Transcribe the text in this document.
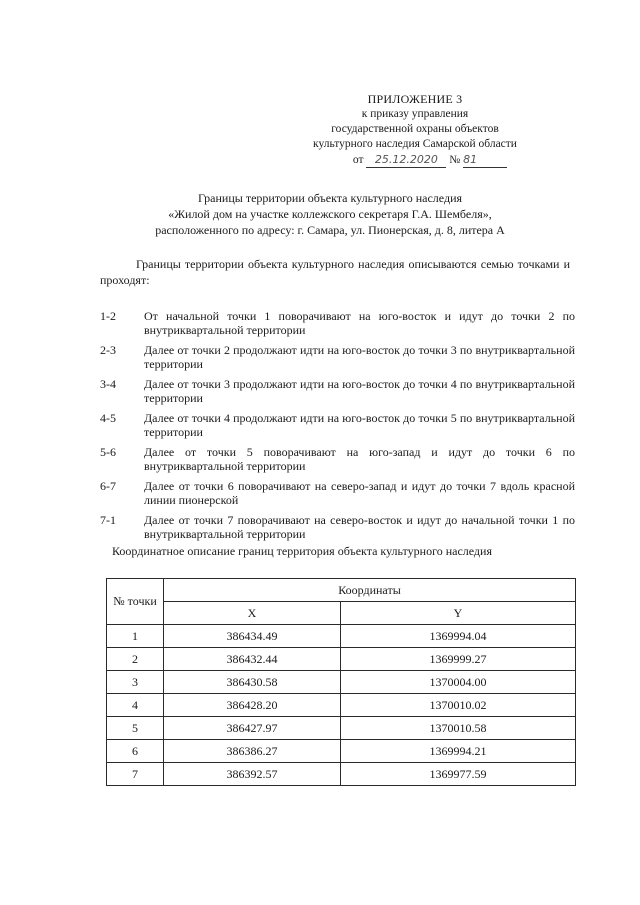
ПРИЛОЖЕНИЕ 3
к приказу управления
государственной охраны объектов
культурного наследия Самарской области
от 25.12.2020 № 81
Границы территории объекта культурного наследия
«Жилой дом на участке коллежского секретаря Г.А. Шембеля»,
расположенного по адресу: г. Самара, ул. Пионерская, д. 8, литера А
Границы территории объекта культурного наследия описываются семью точками и проходят:
1-2	От начальной точки 1 поворачивают на юго-восток и идут до точки 2 по внутриквартальной территории
2-3	Далее от точки 2 продолжают идти на юго-восток до точки 3 по внутриквартальной территории
3-4	Далее от точки 3 продолжают идти на юго-восток до точки 4 по внутриквартальной территории
4-5	Далее от точки 4 продолжают идти на юго-восток до точки 5 по внутриквартальной территории
5-6	Далее от точки 5 поворачивают на юго-запад и идут до точки 6 по внутриквартальной территории
6-7	Далее от точки 6 поворачивают на северо-запад и идут до точки 7 вдоль красной линии пионерской
7-1	Далее от точки 7 поворачивают на северо-восток и идут до начальной точки 1 по внутриквартальной территории
Координатное описание границ территория объекта культурного наследия
№ точки	Координаты	
	X	Y
1	386434.49	1369994.04
2	386432.44	1369999.27
3	386430.58	1370004.00
4	386428.20	1370010.02
5	386427.97	1370010.58
6	386386.27	1369994.21
7	386392.57	1369977.59
